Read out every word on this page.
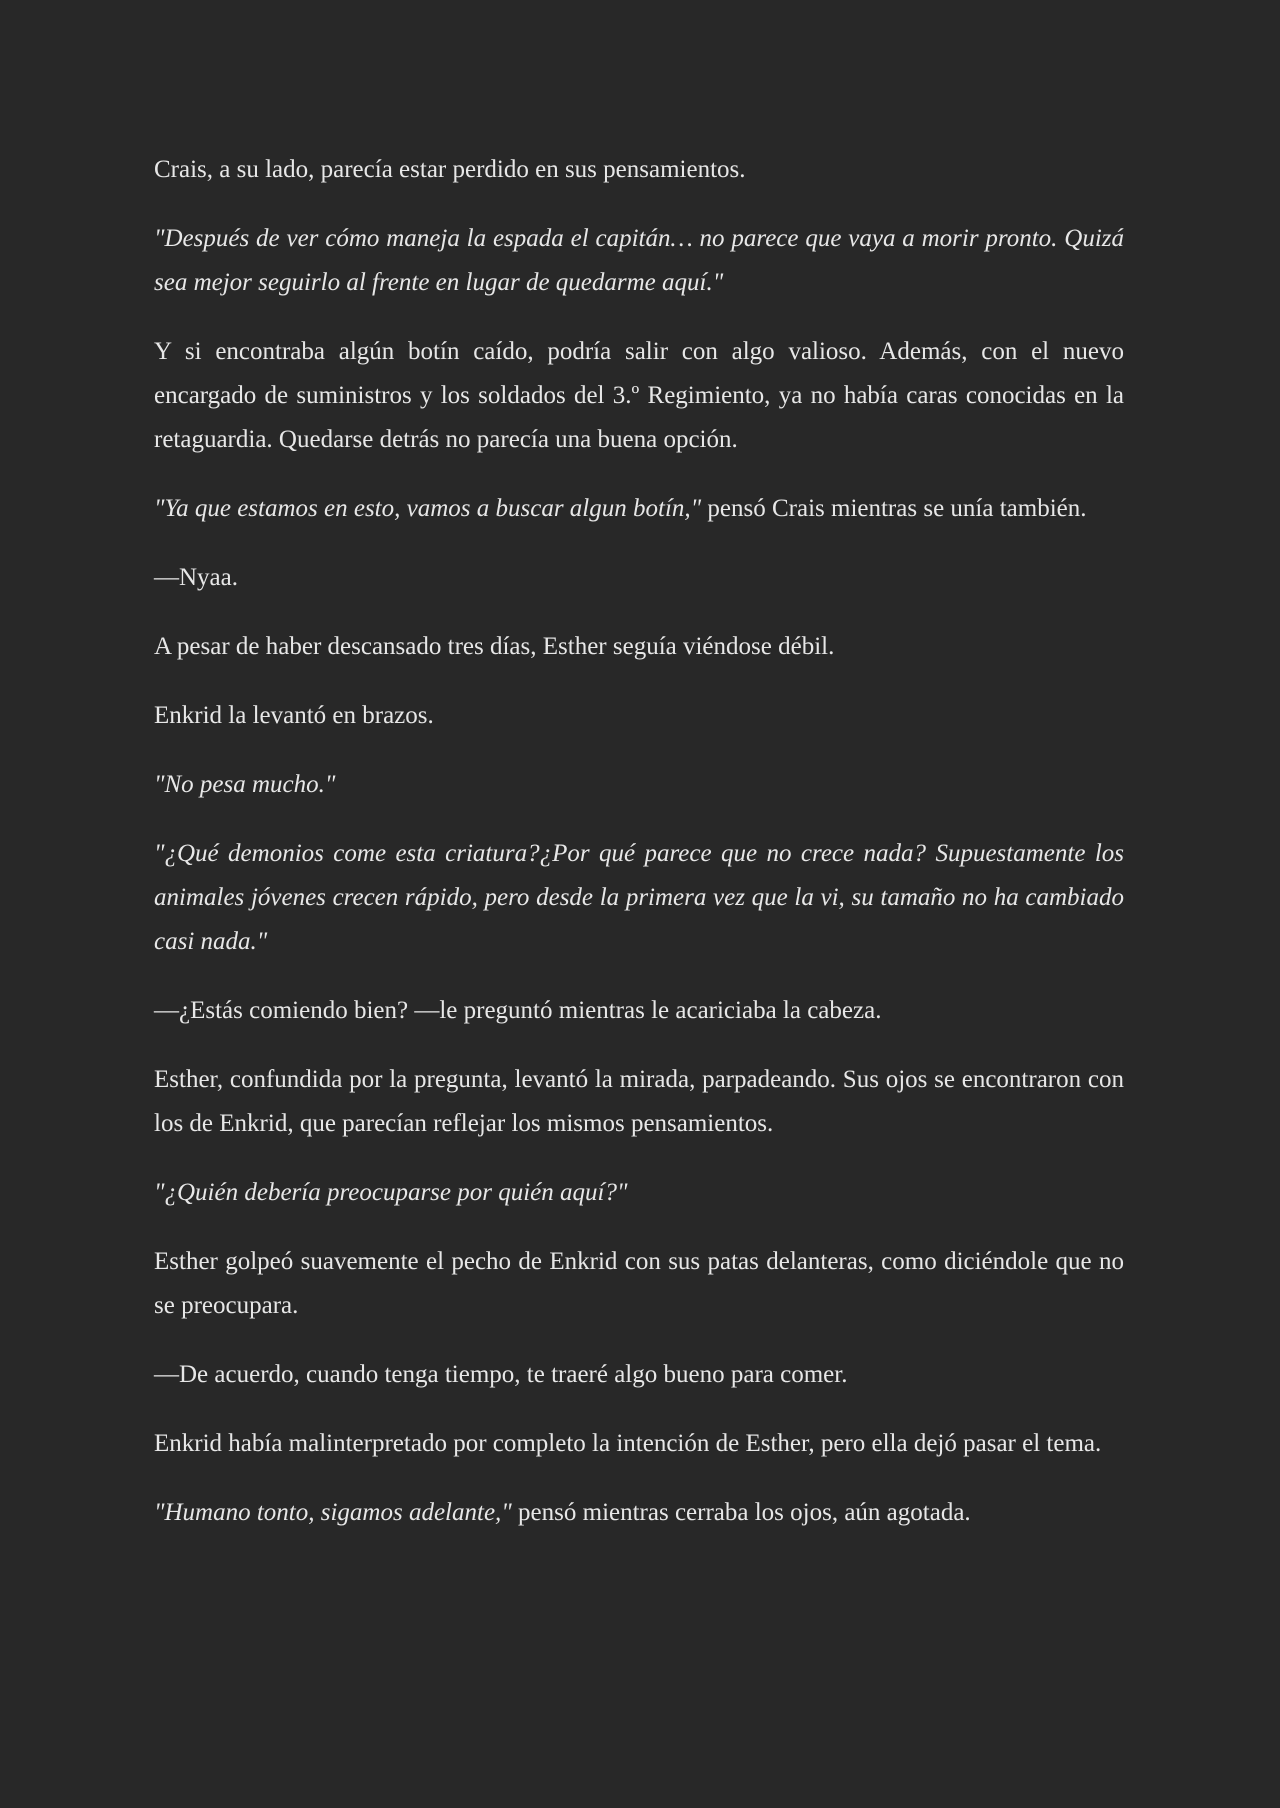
Crais, a su lado, parecía estar perdido en sus pensamientos.

"Después de ver cómo maneja la espada el capitán… no parece que vaya a morir pronto. Quizá sea mejor seguirlo al frente en lugar de quedarme aquí."

Y si encontraba algún botín caído, podría salir con algo valioso. Además, con el nuevo encargado de suministros y los soldados del 3.º Regimiento, ya no había caras conocidas en la retaguardia. Quedarse detrás no parecía una buena opción.

"Ya que estamos en esto, vamos a buscar algun botín," pensó Crais mientras se unía también.

—Nyaa.

A pesar de haber descansado tres días, Esther seguía viéndose débil.

Enkrid la levantó en brazos.

"No pesa mucho."

"¿Qué demonios come esta criatura?¿Por qué parece que no crece nada? Supuestamente los animales jóvenes crecen rápido, pero desde la primera vez que la vi, su tamaño no ha cambiado casi nada."

—¿Estás comiendo bien? —le preguntó mientras le acariciaba la cabeza.

Esther, confundida por la pregunta, levantó la mirada, parpadeando. Sus ojos se encontraron con los de Enkrid, que parecían reflejar los mismos pensamientos.

"¿Quién debería preocuparse por quién aquí?"

Esther golpeó suavemente el pecho de Enkrid con sus patas delanteras, como diciéndole que no se preocupara.

—De acuerdo, cuando tenga tiempo, te traeré algo bueno para comer.

Enkrid había malinterpretado por completo la intención de Esther, pero ella dejó pasar el tema.

"Humano tonto, sigamos adelante," pensó mientras cerraba los ojos, aún agotada.
